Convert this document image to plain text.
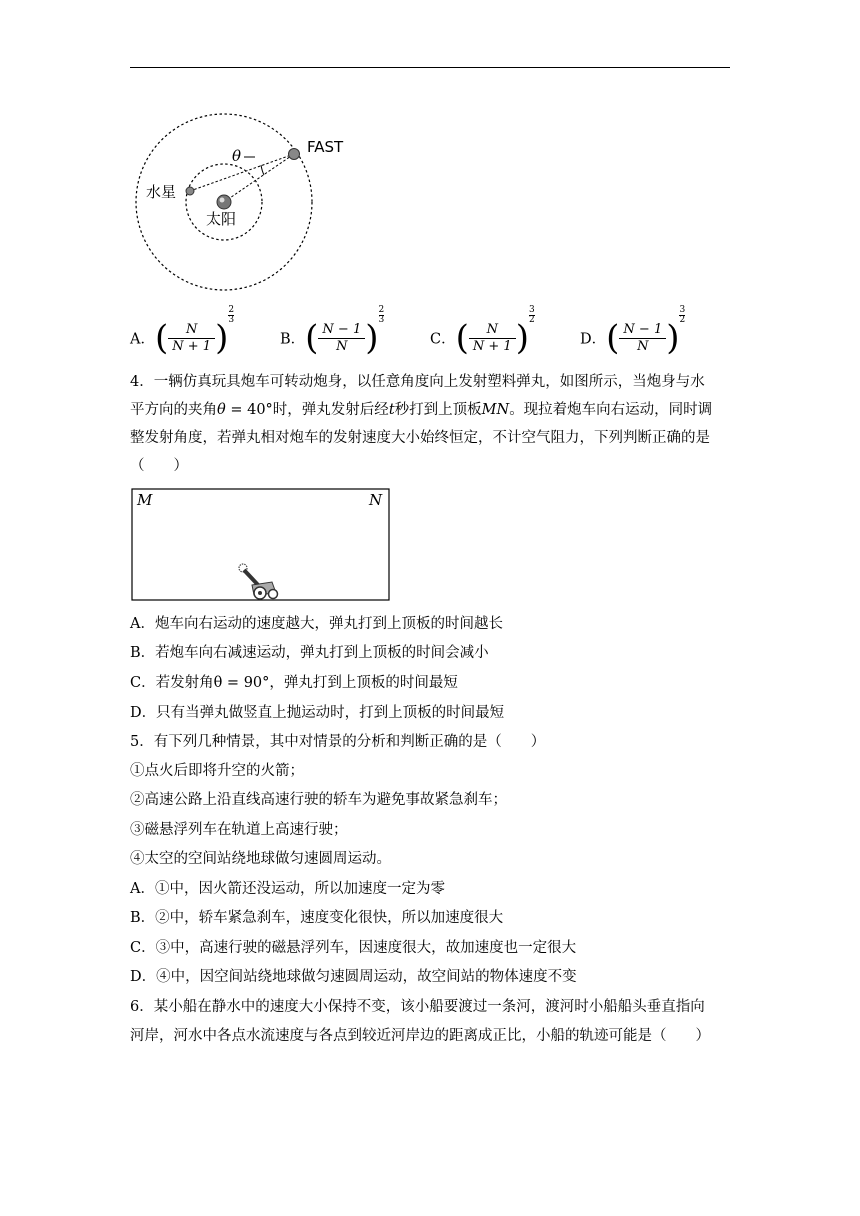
FAST
θ
水星
太阳
A．( $\frac{N}{N + 1}$ )
$\frac{2}{3}$
B．( $\frac{N - 1}{N}$ )
$\frac{2}{3}$
C．( $\frac{N}{N + 1}$ )
$\frac{3}{2}$
D．( $\frac{N - 1}{N}$ )
$\frac{3}{2}$
4．一辆仿真玩具炮车可转动炮身，以任意角度向上发射塑料弹丸，如图所示，当炮身与水
平方向的夹角θ = 40°时，弹丸发射后经t秒打到上顶板MN。现拉着炮车向右运动，同时调
整发射角度，若弹丸相对炮车的发射速度大小始终恒定，不计空气阻力，下列判断正确的是
（　　）
M	N
A．炮车向右运动的速度越大，弹丸打到上顶板的时间越长
B．若炮车向右减速运动，弹丸打到上顶板的时间会减小
C．若发射角θ = 90°，弹丸打到上顶板的时间最短
D．只有当弹丸做竖直上抛运动时，打到上顶板的时间最短
5．有下列几种情景，其中对情景的分析和判断正确的是（　　）
①点火后即将升空的火箭；
②高速公路上沿直线高速行驶的轿车为避免事故紧急刹车；
③磁悬浮列车在轨道上高速行驶；
④太空的空间站绕地球做匀速圆周运动。
A．①中，因火箭还没运动，所以加速度一定为零
B．②中，轿车紧急刹车，速度变化很快，所以加速度很大
C．③中，高速行驶的磁悬浮列车，因速度很大，故加速度也一定很大
D．④中，因空间站绕地球做匀速圆周运动，故空间站的物体速度不变
6．某小船在静水中的速度大小保持不变，该小船要渡过一条河，渡河时小船船头垂直指向
河岸，河水中各点水流速度与各点到较近河岸边的距离成正比，小船的轨迹可能是（　　）
